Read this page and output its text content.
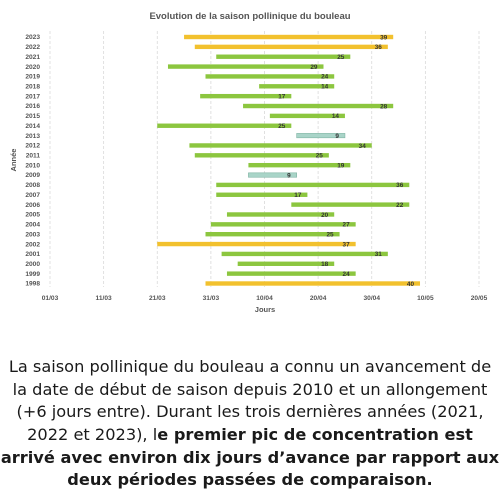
01/03	11/03	21/03	31/03	10/04	20/04	30/04	10/05	20/05
2023	39
2022	36
2021	25
2020	29
2019	24
2018	14
2017	17
2016	28
2015	14
2014	25
2013	9
2012	34
2011	25
2010	19
2009	9
2008	36
2007	17
2006	22
2005	20
2004	27
2003	25
2002	37
2001	31
2000	18
1999	24
1998	40
Evolution de la saison pollinique du bouleau
Jours
Année

La saison pollinique du bouleau a connu un avancement de la date de début de saison depuis 2010 et un allongement (+6 jours entre). Durant les trois dernières années (2021, 2022 et 2023), le premier pic de concentration est arrivé avec environ dix jours d’avance par rapport aux deux périodes passées de comparaison.
